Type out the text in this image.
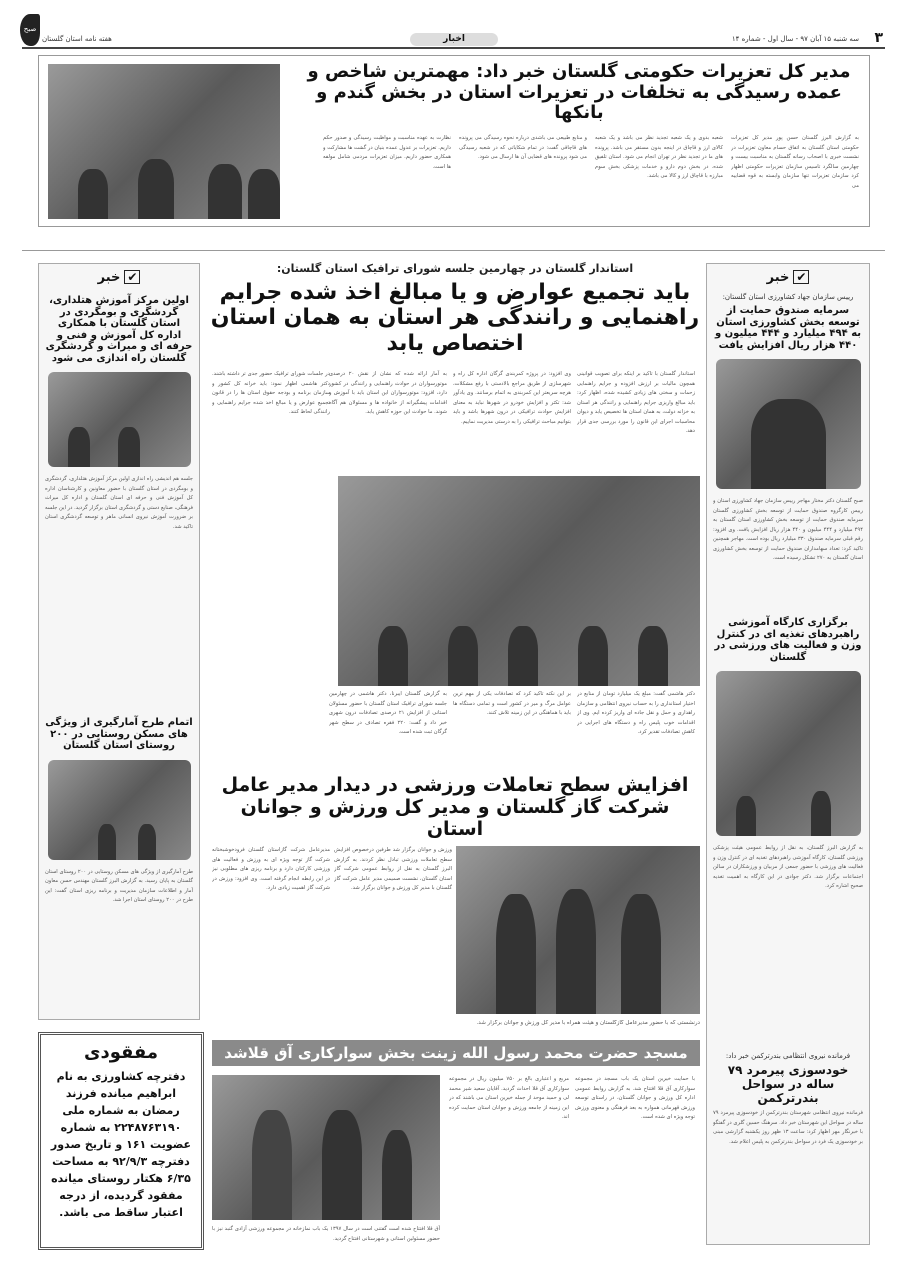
۳
سه شنبه ۱۵ آبان ۹۷ - سال اول - شماره ۱۴
اخبار
هفته نامه استان گلستان
صبح
مدیر کل تعزیرات حکومتی گلستان خبر داد: مهمترین شاخص و عمده رسیدگی به تخلفات در تعزیرات استان در بخش گندم و بانکها
به گزارش البرز گلستان حسن پور مدیر کل تعزیرات حکومتی استان گلستان به اتفاق حسام معاون تعزیرات در نشست خبری با اصحاب رسانه گلستان به مناسبت بیست و چهارمین سالگرد تاسیس سازمان تعزیرات حکومتی اظهار کرد سازمان تعزیرات تنها سازمان وابسته به قوه قضاییه می
شعبه بدوی و یک شعبه تجدید نظر می باشد و یک شعبه کالای ارز و قاچاق در اینجه بدون مستقر می باشد. پرونده های ما در تجدید نظر در تهران انجام می شود. استان تلفیق شده. در بخش دوم دارو و خدمات پزشکی بخش سوم مبارزه با قاچاق ارز و کالا می باشد.
و منابع طبیعی می باشدی درباره نحوه رسیدگی می پرونده های قاچاقی گفت: در تمام شکایاتی که در شعبه رسیدگی می شود پرونده های قضایی آن ها ارسال می شود.
نظارت به عهده مناسبت و مواظبت رسیدگی و صدور حکم داریم. تعزیرات بر عدول عمده بنیان در گشت ها مشارکت و همکاری حضور داریم. میزان تعزیرات مردمی شامل مولفه ها است.
✔خبر
اولین مرکز آموزش هتلداری، گردشگری و بومگردی در استان گلستان با همکاری اداره کل آموزش و فنی و حرفه ای و میراث و گردشگری گلستان راه اندازی می شود
جلسه هم اندیشی راه اندازی اولین مرکز آموزش هتلداری، گردشگری و بومگردی در استان گلستان با حضور معاونین و کارشناسان اداره کل آموزش فنی و حرفه ای استان گلستان و اداره کل میراث فرهنگی، صنایع دستی و گردشگری استان برگزار گردید. در این جلسه بر ضرورت آموزش نیروی انسانی ماهر و توسعه گردشگری استان تاکید شد.
اتمام طرح آمارگیری از ویژگی های مسکن روستایی در ۲۰۰ روستای استان گلستان
طرح آمارگیری از ویژگی های مسکن روستایی در ۲۰۰ روستای استان گلستان به پایان رسید. به گزارش البرز گلستان مهندس حسن معاون آمار و اطلاعات سازمان مدیریت و برنامه ریزی استان گفت: این طرح در ۲۰۰ روستای استان اجرا شد.
مفقودی
دفترچه کشاورزی به نام ابراهیم میانده فرزند رمضان به شماره ملی ۲۲۴۸۷۶۳۱۹۰ به شماره عضویت ۱۶۱ و تاریخ صدور دفترچه ۹۲/۹/۳ به مساحت ۶/۳۵ هکتار روستای میانده مفقود گردیده، از درجه اعتبار ساقط می باشد.
✔خبر
رییس سازمان جهاد کشاورزی استان گلستان:
سرمایه صندوق حمایت از توسعه بخش کشاورزی استان به ۴۹۴ میلیارد و ۴۴۴ میلیون و ۴۴۰ هزار ریال افزایش یافت
صبح گلستان دکتر مختار مهاجر رییس سازمان جهاد کشاورزی استان و رییس کارگروه صندوق حمایت از توسعه بخش کشاورزی گلستان سرمایه صندوق حمایت از توسعه بخش کشاورزی استان گلستان به ۴۹۴ میلیارد و ۴۴۴ میلیون و ۴۴۰ هزار ریال افزایش یافت. وی افزود: رقم قبلی سرمایه صندوق ۳۳۰ میلیارد ریال بوده است. مهاجر همچنین تاکید کرد: تعداد سهامداران صندوق حمایت از توسعه بخش کشاورزی استان گلستان به ۲۷۰ تشکل رسیده است.
برگزاری کارگاه آموزشی راهبردهای تغذیه ای در کنترل وزن و فعالیت های ورزشی در گلستان
به گزارش البرز گلستان، به نقل از روابط عمومی هیئت پزشکی ورزشی گلستان، کارگاه آموزشی راهبردهای تغذیه ای در کنترل وزن و فعالیت های ورزشی با حضور جمعی از مربیان و ورزشکاران در سالن اجتماعات برگزار شد. دکتر جوادی در این کارگاه به اهمیت تغذیه صحیح اشاره کرد.
فرمانده نیروی انتظامی بندرترکمن خبر داد:
خودسوزی پیرمرد ۷۹ ساله در سواحل بندرترکمن
فرمانده نیروی انتظامی شهرستان بندرترکمن از خودسوزی پیرمرد ۷۹ ساله در سواحل این شهرستان خبر داد. سرهنگ حسین گلری در گفتگو با خبرنگار مهر اظهار کرد: ساعت ۱۳ ظهر روز یکشنبه گزارشی مبنی بر خودسوزی یک فرد در سواحل بندرترکمن به پلیس اعلام شد.
استاندار گلستان در چهارمین جلسه شورای ترافیک استان گلستان:
باید تجمیع عوارض و یا مبالغ اخذ شده جرایم راهنمایی و رانندگی هر استان به همان استان اختصاص یابد
استاندار گلستان با تاکید بر اینکه برای تصویب قوانینی همچون مالیات بر ارزش افزوده و جرایم راهنمایی زحمات و سختی های زیادی کشیده شده، اظهار کرد: باید مبالغ واریزی جرایم راهنمایی و رانندگی هر استان به خزانه دولت، به همان استان ها تخصیص یابد و دیوان محاسبات اجرای این قانون را مورد بررسی جدی قرار دهد.
وی افزود: در پروژه کمربندی گرگان اداره کل راه و شهرسازی از طریق مراجع بالادستی با رفع مشکلات، هرچه سریعتر این کمربندی به اتمام برسانند. وی یادآور شد: تکثر و افزایش خودرو در شهرها نباید به معنای افزایش حوادث ترافیکی در درون شهرها باشد و باید بتوانیم مباحث ترافیکی را به درستی مدیریت نماییم.
به آمار ارائه شده که نشان از نقش ۲۰ درصدی موتورسواران در حوادث راهنمایی و رانندگی در کشور دارد، افزود: موتورسواران این استان باید با آموزش و اقدامات پیشگیرانه از خانواده ها و مسئولان هم آگاه شوند. ما حوادث این حوزه کاهش یابد.
در جلسات شورای ترافیک حضور جدی تر داشته باشند. دکتر هاشمی اظهار نمود: باید خرانه کل کشور و سازمان برنامه و بودجه حقوق استان ها را در قانون تجمیع عوارض و یا مبالغ اخذ شده جرایم راهنمایی و رانندگی لحاظ کنند.
دکتر هاشمی گفت: مبلغ یک میلیارد تومان از منابع در اختیار استانداری را به حساب نیروی انتظامی و سازمان راهداری و حمل و نقل جاده ای واریز کرده ایم. وی از اقدامات خوب پلیس راه و دستگاه های اجرایی در کاهش تصادفات تقدیر کرد.
بر این نکته تاکید کرد که تصادفات یکی از مهم ترین عوامل مرگ و میر در کشور است و تمامی دستگاه ها باید با هماهنگی در این زمینه تلاش کنند.
به گزارش گلستان ایبرنا، دکتر هاشمی در چهارمین جلسه شورای ترافیک استان گلستان با حضور مسئولان استانی از افزایش ۲۱ درصدی تصادفات درون شهری خبر داد و گفت: ۲۲۰ فقره تصادف در سطح شهر گرگان ثبت شده است.
افزایش سطح تعاملات ورزشی در دیدار مدیر عامل شرکت گاز گلستان و مدیر کل ورزش و جوانان استان
ورزش و جوانان برگزار شد طرفین درخصوص افزایش سطح تعاملات ورزشی تبادل نظر کردند. به گزارش البرز گلستان به نقل از روابط عمومی شرکت گاز استان گلستان، نشست صمیمی مدیر عامل شرکت گاز گلستان با مدیر کل ورزش و جوانان برگزار شد.
مدیرعامل شرکت گازاستان گلستان فرودخوشبختانه شرکت گاز توجه ویژه ای به ورزش و فعالیت های ورزشی کارکنان دارد و برنامه ریزی های مطلوبی نیز در این رابطه انجام گرفته است. وی افزود: ورزش در شرکت گاز اهمیت زیادی دارد.
درنشستی که با حضور مدیرعامل گازگلستان و هیئت همراه با مدیر کل ورزش و جوانان برگزار شد.
مسجد حضرت محمد رسول الله زینت بخش سوارکاری آق قلاشد
با حمایت خیرین استان یک باب مسجد در مجموعه سوارکاری آق قلا افتتاح شد. به گزارش روابط عمومی اداره کل ورزش و جوانان گلستان، در راستای توسعه ورزش قهرمانی همواره به بعد فرهنگی و معنوی ورزش توجه ویژه ای شده است.
مربع و اعتباری بالغ بر ۷۵۰ میلیون ریال در مجموعه سوارکاری آق قلا احداث گردید. آقایان سعید شیر محمد لی و حمید موحد از جمله خیرین استان می باشند که در این زمینه از جامعه ورزش و جوانان استان حمایت کرده اند.
آق قلا افتتاح شده است گفتنی است در سال ۱۳۹۷ یک باب نمازخانه در مجموعه ورزشی آزادی گنبد نیز با حضور مسئولین استانی و شهرستانی افتتاح گردید.
